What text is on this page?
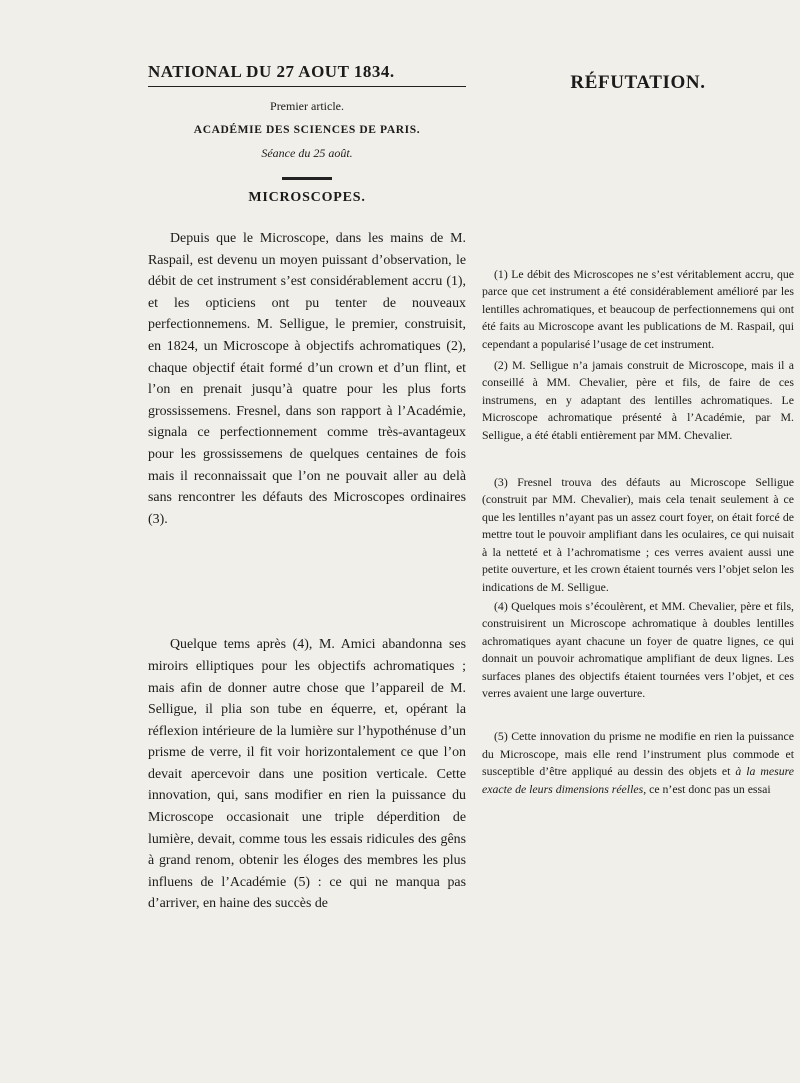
NATIONAL DU 27 AOUT 1834.
Premier article.
ACADÉMIE DES SCIENCES DE PARIS.
Séance du 25 août.
MICROSCOPES.

Depuis que le Microscope, dans les mains de M. Raspail, est devenu un moyen puissant d’observation, le débit de cet instrument s’est considérablement accru (1), et les opticiens ont pu tenter de nouveaux perfectionnemens. M. Selligue, le premier, construisit, en 1824, un Microscope à objectifs achromatiques (2), chaque objectif était formé d’un crown et d’un flint, et l’on en prenait jusqu’à quatre pour les plus forts grossissemens. Fresnel, dans son rapport à l’Académie, signala ce perfectionnement comme très-avantageux pour les grossissemens de quelques centaines de fois mais il reconnaissait que l’on ne pouvait aller au delà sans rencontrer les défauts des Microscopes ordinaires (3).

Quelque tems après (4), M. Amici abandonna ses miroirs elliptiques pour les objectifs achromatiques ; mais afin de donner autre chose que l’appareil de M. Selligue, il plia son tube en équerre, et, opérant la réflexion intérieure de la lumière sur l’hypothénuse d’un prisme de verre, il fit voir horizontalement ce que l’on devait apercevoir dans une position verticale. Cette innovation, qui, sans modifier en rien la puissance du Microscope occasionait une triple déperdition de lumière, devait, comme tous les essais ridicules des gêns à grand renom, obtenir les éloges des membres les plus influens de l’Académie (5) : ce qui ne manqua pas d’arriver, en haine des succès de

RÉFUTATION.

(1) Le débit des Microscopes ne s’est véritablement accru, que parce que cet instrument a été considérablement amélioré par les lentilles achromatiques, et beaucoup de perfectionnemens qui ont été faits au Microscope avant les publications de M. Raspail, qui cependant a popularisé l’usage de cet instrument.

(2) M. Selligue n’a jamais construit de Microscope, mais il a conseillé à MM. Chevalier, père et fils, de faire de ces instrumens, en y adaptant des lentilles achromatiques. Le Microscope achromatique présenté à l’Académie, par M. Selligue, a été établi entièrement par MM. Chevalier.

(3) Fresnel trouva des défauts au Microscope Selligue (construit par MM. Chevalier), mais cela tenait seulement à ce que les lentilles n’ayant pas un assez court foyer, on était forcé de mettre tout le pouvoir amplifiant dans les oculaires, ce qui nuisait à la netteté et à l’achromatisme ; ces verres avaient aussi une petite ouverture, et les crown étaient tournés vers l’objet selon les indications de M. Selligue.

(4) Quelques mois s’écoulèrent, et MM. Chevalier, père et fils, construisirent un Microscope achromatique à doubles lentilles achromatiques ayant chacune un foyer de quatre lignes, ce qui donnait un pouvoir achromatique amplifiant de deux lignes. Les surfaces planes des objectifs étaient tournées vers l’objet, et ces verres avaient une large ouverture.

(5) Cette innovation du prisme ne modifie en rien la puissance du Microscope, mais elle rend l’instrument plus commode et susceptible d’être appliqué au dessin des objets et à la mesure exacte de leurs dimensions réelles, ce n’est donc pas un essai
